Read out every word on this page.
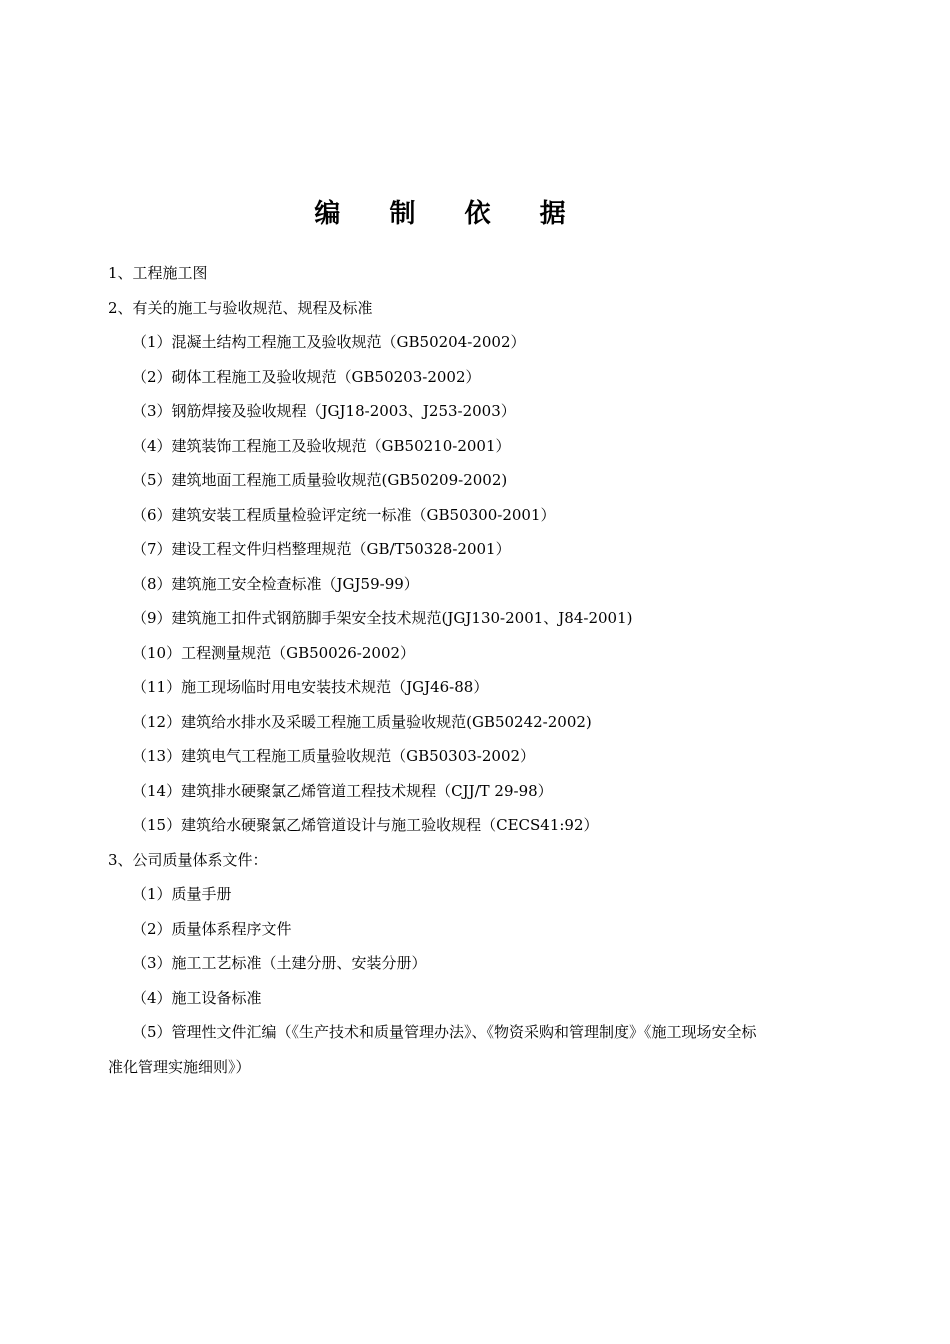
编 制 依 据
1、工程施工图
2、有关的施工与验收规范、规程及标准
（1）混凝土结构工程施工及验收规范（GB50204-2002）
（2）砌体工程施工及验收规范（GB50203-2002）
（3）钢筋焊接及验收规程（JGJ18-2003、J253-2003）
（4）建筑装饰工程施工及验收规范（GB50210-2001）
（5）建筑地面工程施工质量验收规范(GB50209-2002)
（6）建筑安装工程质量检验评定统一标准（GB50300-2001）
（7）建设工程文件归档整理规范（GB/T50328-2001）
（8）建筑施工安全检查标准（JGJ59-99）
（9）建筑施工扣件式钢筋脚手架安全技术规范(JGJ130-2001、J84-2001)
（10）工程测量规范（GB50026-2002）
（11）施工现场临时用电安装技术规范（JGJ46-88）
（12）建筑给水排水及采暖工程施工质量验收规范(GB50242-2002)
（13）建筑电气工程施工质量验收规范（GB50303-2002）
（14）建筑排水硬聚氯乙烯管道工程技术规程（CJJ/T 29-98）
（15）建筑给水硬聚氯乙烯管道设计与施工验收规程（CECS41:92）
3、公司质量体系文件：
（1）质量手册
（2）质量体系程序文件
（3）施工工艺标准（土建分册、安装分册）
（4）施工设备标准
（5）管理性文件汇编（《生产技术和质量管理办法》、《物资采购和管理制度》《施工现场安全标
准化管理实施细则》）
